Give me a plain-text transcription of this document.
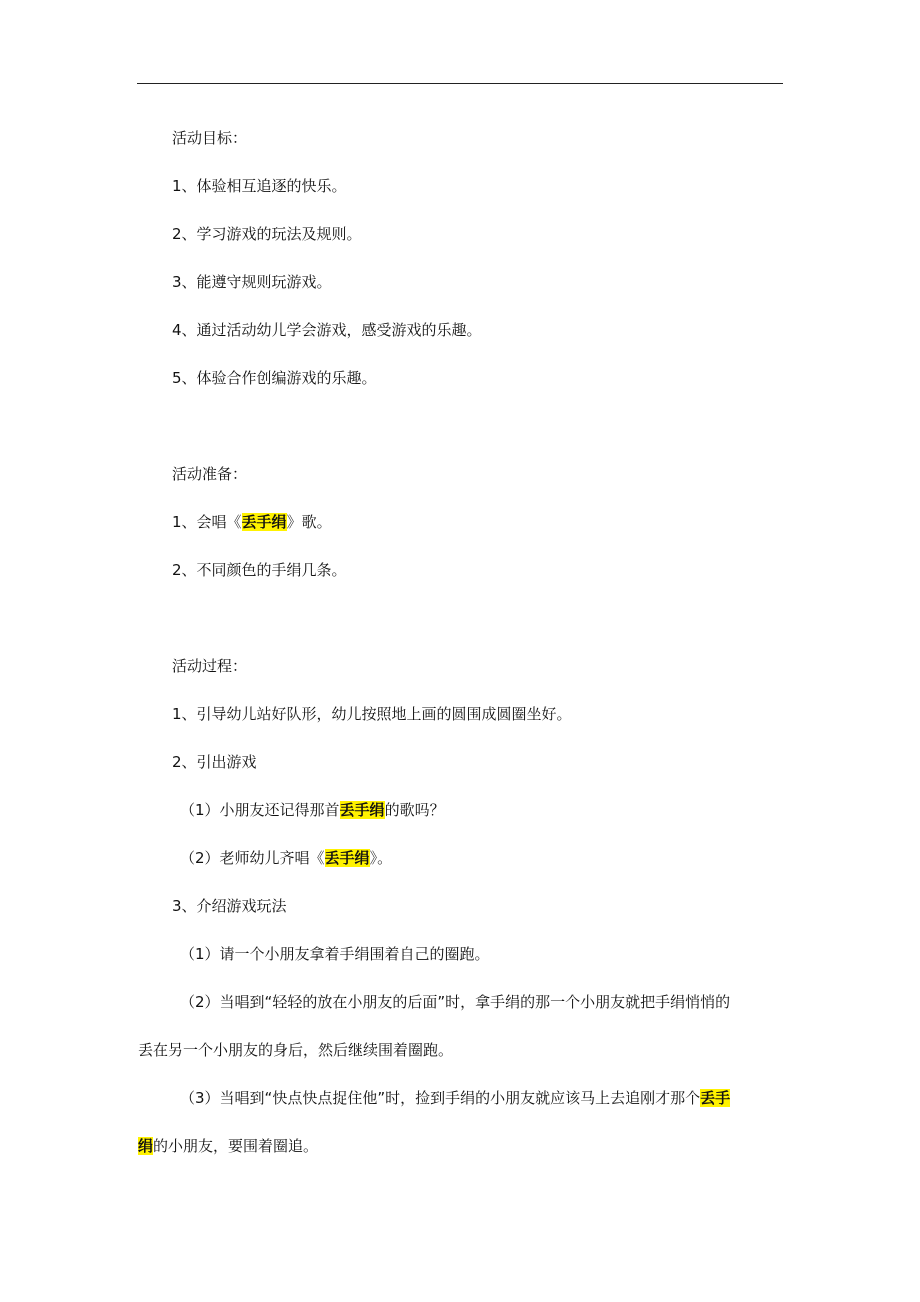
活动目标：
1、体验相互追逐的快乐。
2、学习游戏的玩法及规则。
3、能遵守规则玩游戏。
4、通过活动幼儿学会游戏，感受游戏的乐趣。
5、体验合作创编游戏的乐趣。
活动准备：
1、会唱《丢手绢》歌。
2、不同颜色的手绢几条。
活动过程：
1、引导幼儿站好队形，幼儿按照地上画的圆围成圆圈坐好。
2、引出游戏
（1）小朋友还记得那首丢手绢的歌吗？
（2）老师幼儿齐唱《丢手绢》。
3、介绍游戏玩法
（1）请一个小朋友拿着手绢围着自己的圈跑。
（2）当唱到“轻轻的放在小朋友的后面”时，拿手绢的那一个小朋友就把手绢悄悄的
丢在另一个小朋友的身后，然后继续围着圈跑。
（3）当唱到“快点快点捉住他”时，捡到手绢的小朋友就应该马上去追刚才那个丢手
绢的小朋友，要围着圈追。
